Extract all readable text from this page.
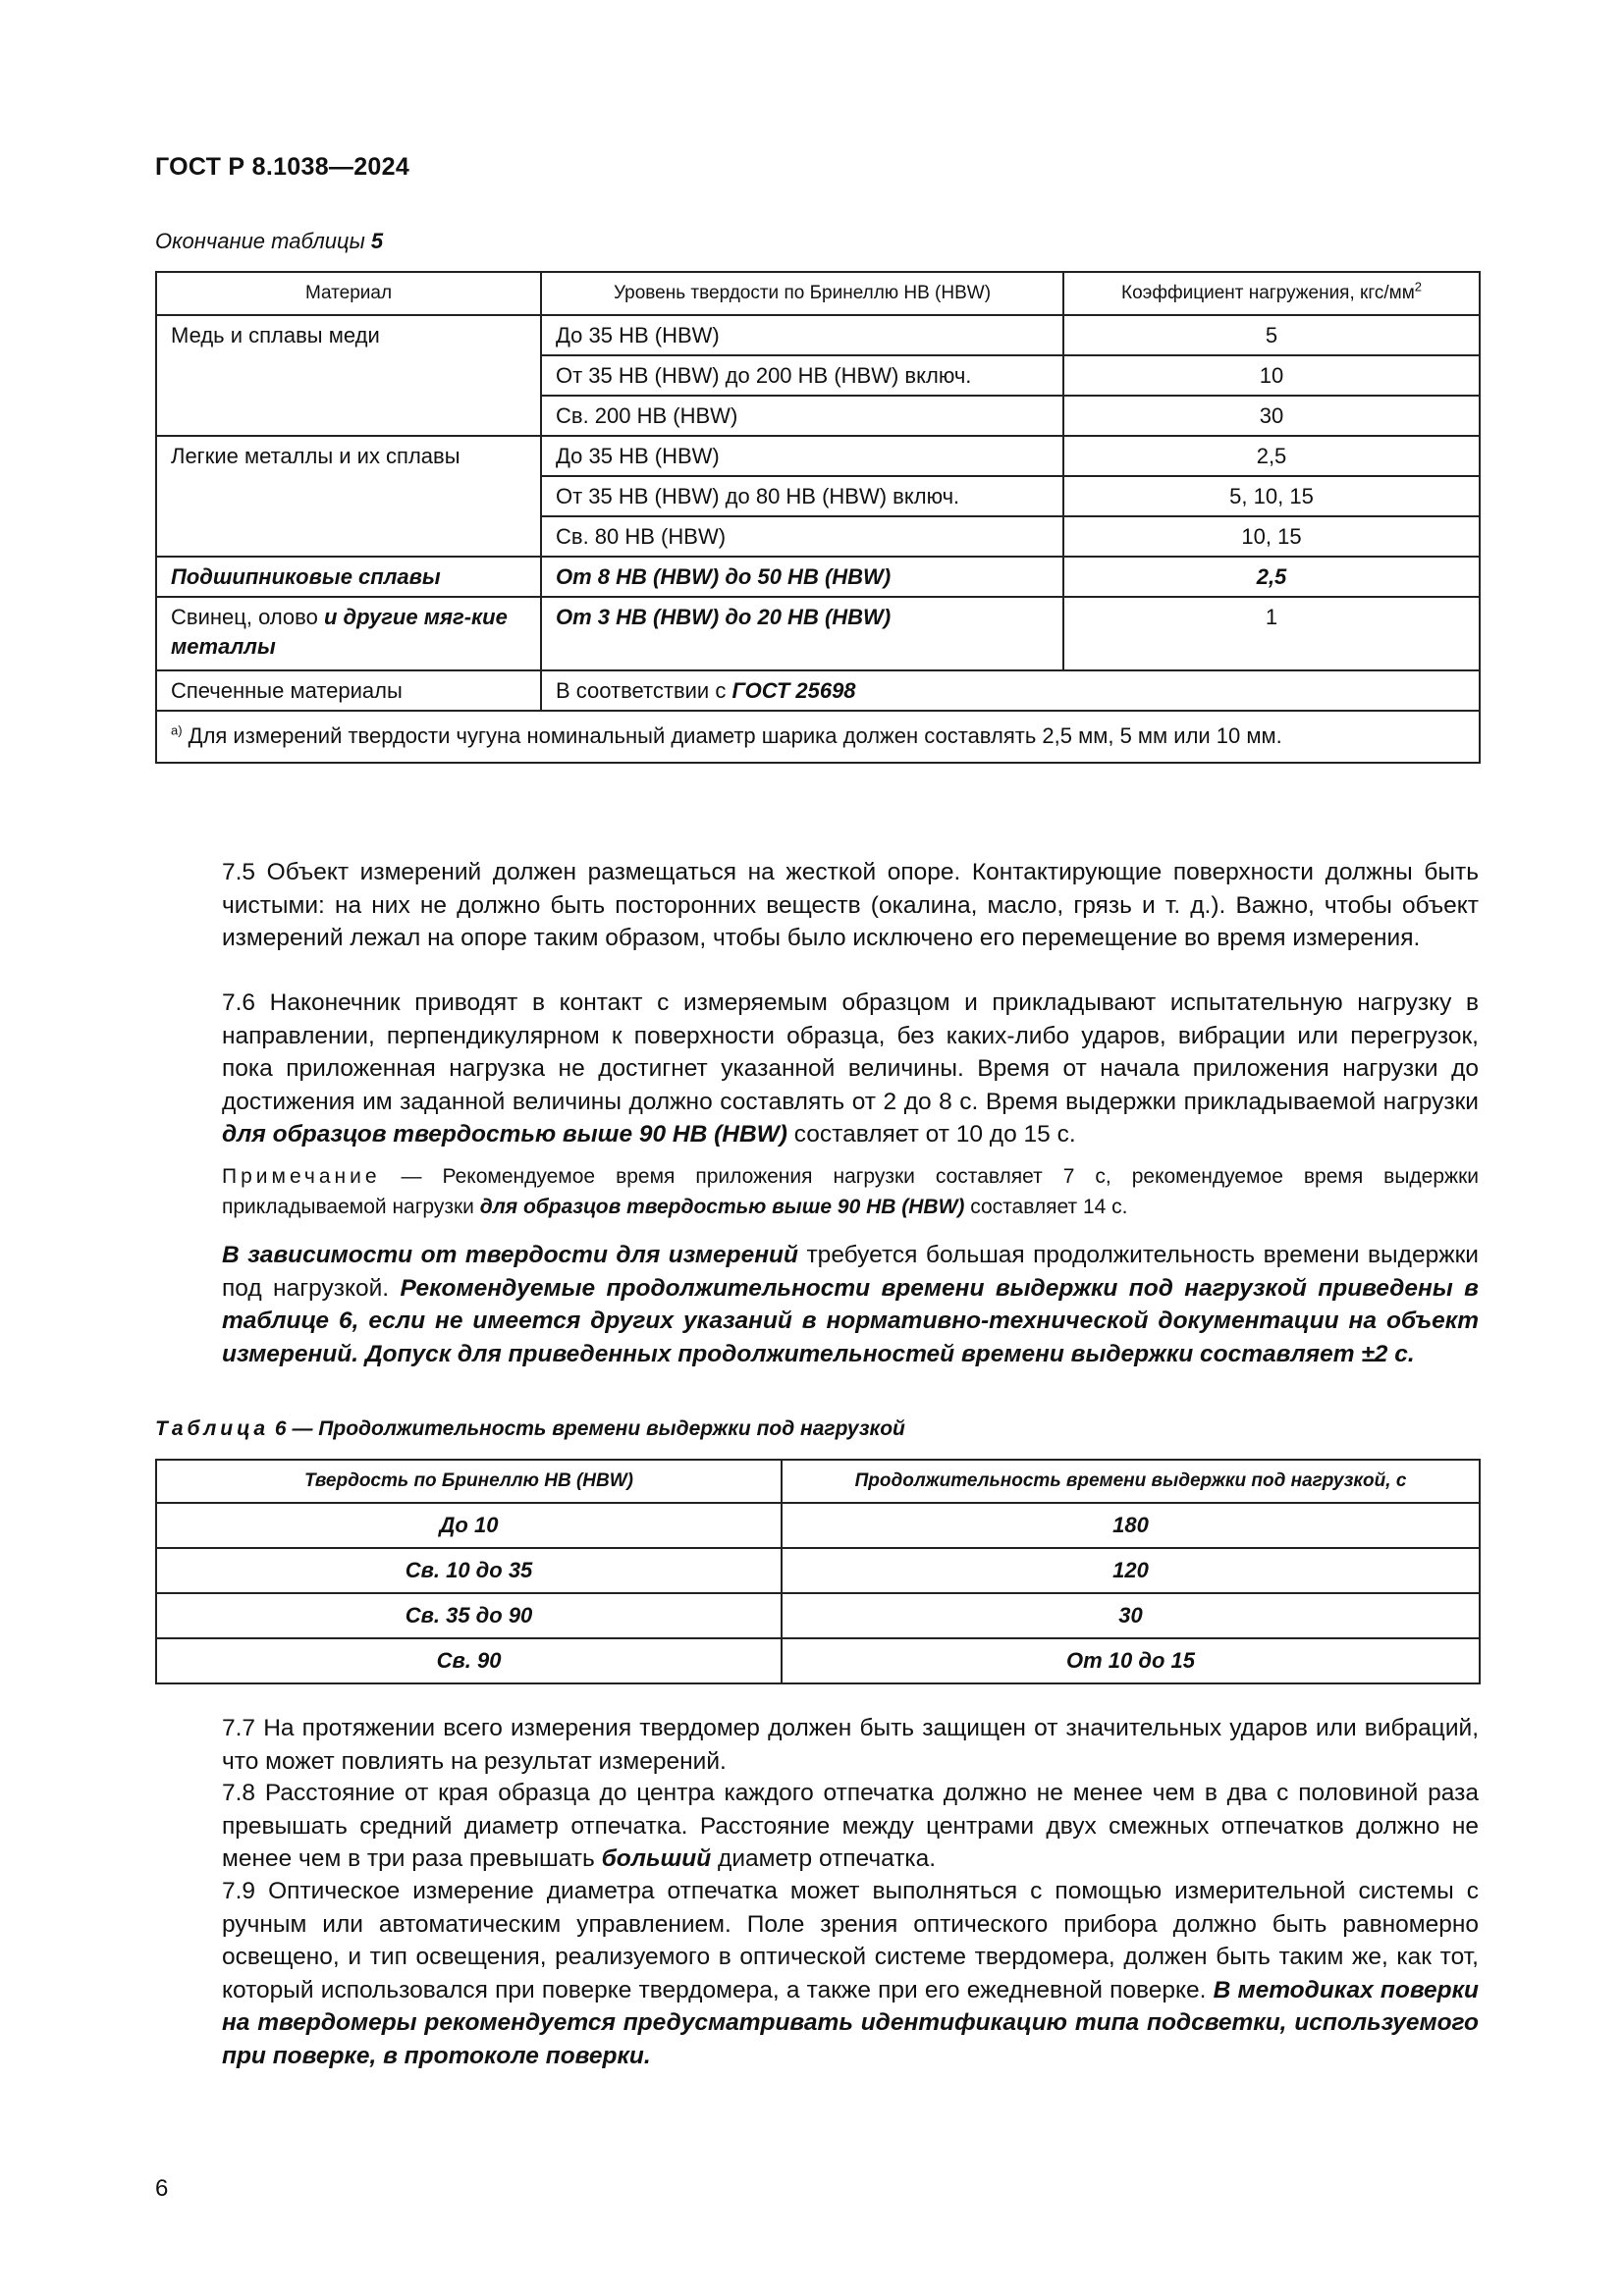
ГОСТ Р 8.1038—2024
Окончание таблицы 5
Материал	Уровень твердости по Бринеллю HB (HBW)	Коэффициент нагружения, кгс/$мм^2$
Медь и сплавы меди	До 35 HB (HBW)	5
	От 35 HB (HBW) до 200 HB (HBW) включ.	10
	Св. 200 HB (HBW)	30
Легкие металлы и их сплавы	До 35 HB (HBW)	2,5
	От 35 HB (HBW) до 80 HB (HBW) включ.	5, 10, 15
	Св. 80 HB (HBW)	10, 15
Подшипниковые сплавы	От 8 HB (HBW) до 50 HB (HBW)	2,5
Свинец, олово и другие мяг-кие металлы	От 3 HB (HBW) до 20 HB (HBW)	1
Спеченные материалы	В соответствии с ГОСТ 25698	
$^{а)}$ Для измерений твердости чугуна номинальный диаметр шарика должен составлять 2,5 мм, 5 мм или 10 мм.		
7.5 Объект измерений должен размещаться на жесткой опоре. Контактирующие поверхности должны быть чистыми: на них не должно быть посторонних веществ (окалина, масло, грязь и т. д.). Важно, чтобы объект измерений лежал на опоре таким образом, чтобы было исключено его перемещение во время измерения.
7.6 Наконечник приводят в контакт с измеряемым образцом и прикладывают испытательную нагрузку в направлении, перпендикулярном к поверхности образца, без каких-либо ударов, вибрации или перегрузок, пока приложенная нагрузка не достигнет указанной величины. Время от начала приложения нагрузки до достижения им заданной величины должно составлять от 2 до 8 с. Время выдержки прикладываемой нагрузки для образцов твердостью выше 90 HB (HBW) составляет от 10 до 15 с.
Примечание — Рекомендуемое время приложения нагрузки составляет 7 с, рекомендуемое время выдержки прикладываемой нагрузки для образцов твердостью выше 90 HB (HBW) составляет 14 с.
В зависимости от твердости для измерений требуется большая продолжительность времени выдержки под нагрузкой. Рекомендуемые продолжительности времени выдержки под нагрузкой приведены в таблице 6, если не имеется других указаний в нормативно-технической документации на объект измерений. Допуск для приведенных продолжительностей времени выдержки составляет ±2 с.
Таблица 6 — Продолжительность времени выдержки под нагрузкой
Твердость по Бринеллю HB (HBW)	Продолжительность времени выдержки под нагрузкой, с
До 10	180
Св. 10 до 35	120
Св. 35 до 90	30
Св. 90	От 10 до 15
7.7 На протяжении всего измерения твердомер должен быть защищен от значительных ударов или вибраций, что может повлиять на результат измерений.
7.8 Расстояние от края образца до центра каждого отпечатка должно не менее чем в два с половиной раза превышать средний диаметр отпечатка. Расстояние между центрами двух смежных отпечатков должно не менее чем в три раза превышать больший диаметр отпечатка.
7.9 Оптическое измерение диаметра отпечатка может выполняться с помощью измерительной системы с ручным или автоматическим управлением. Поле зрения оптического прибора должно быть равномерно освещено, и тип освещения, реализуемого в оптической системе твердомера, должен быть таким же, как тот, который использовался при поверке твердомера, а также при его ежедневной поверке. В методиках поверки на твердомеры рекомендуется предусматривать идентификацию типа подсветки, используемого при поверке, в протоколе поверки.
6
